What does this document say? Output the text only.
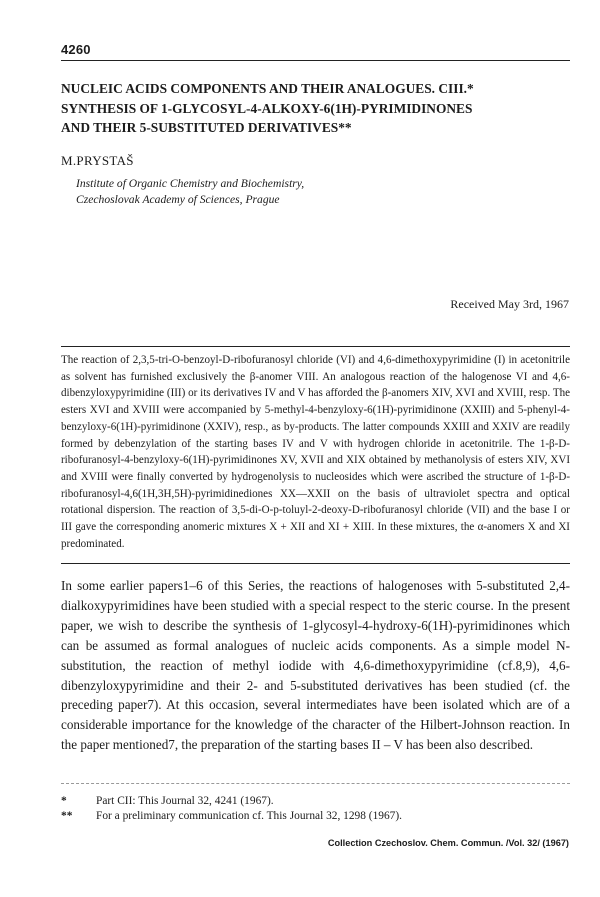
4260
NUCLEIC ACIDS COMPONENTS AND THEIR ANALOGUES. CIII.*
SYNTHESIS OF 1-GLYCOSYL-4-ALKOXY-6(1H)-PYRIMIDINONES
AND THEIR 5-SUBSTITUTED DERIVATIVES**
M.PRYSTAŠ
Institute of Organic Chemistry and Biochemistry,
Czechoslovak Academy of Sciences, Prague
Received May 3rd, 1967

The reaction of 2,3,5-tri-O-benzoyl-D-ribofuranosyl chloride (VI) and 4,6-dimethoxypyrimidine (I) in acetonitrile as solvent has furnished exclusively the β-anomer VIII. An analogous reaction of the halogenose VI and 4,6-dibenzyloxypyrimidine (III) or its derivatives IV and V has afforded the β-anomers XIV, XVI and XVIII, resp. The esters XVI and XVIII were accompanied by 5-methyl-4-benzyloxy-6(1H)-pyrimidinone (XXIII) and 5-phenyl-4-benzyloxy-6(1H)-pyrimidinone (XXIV), resp., as by-products. The latter compounds XXIII and XXIV are readily formed by debenzylation of the starting bases IV and V with hydrogen chloride in acetonitrile. The 1-β-D-ribofuranosyl-4-benzyloxy-6(1H)-pyrimidinones XV, XVII and XIX obtained by methanolysis of esters XIV, XVI and XVIII were finally converted by hydrogenolysis to nucleosides which were ascribed the structure of 1-β-D-ribofuranosyl-4,6(1H,3H,5H)-pyrimidinediones XX—XXII on the basis of ultraviolet spectra and optical rotational dispersion. The reaction of 3,5-di-O-p-toluyl-2-deoxy-D-ribofuranosyl chloride (VII) and the base I or III gave the corresponding anomeric mixtures X + XII and XI + XIII. In these mixtures, the α-anomers X and XI predominated.

In some earlier papers1–6 of this Series, the reactions of halogenoses with 5-substituted 2,4-dialkoxypyrimidines have been studied with a special respect to the steric course. In the present paper, we wish to describe the synthesis of 1-glycosyl-4-hydroxy-6(1H)-pyrimidinones which can be assumed as formal analogues of nucleic acids components. As a simple model N-substitution, the reaction of methyl iodide with 4,6-dimethoxypyrimidine (cf.8,9), 4,6-dibenzyloxypyrimidine and their 2- and 5-substituted derivatives has been studied (cf. the preceding paper7). At this occasion, several intermediates have been isolated which are of a considerable importance for the knowledge of the character of the Hilbert-Johnson reaction. In the paper mentioned7, the preparation of the starting bases II – V has been also described.

*	Part CII: This Journal 32, 4241 (1967).
** For a preliminary communication cf. This Journal 32, 1298 (1967).
Collection Czechoslov. Chem. Commun. /Vol. 32/ (1967)
